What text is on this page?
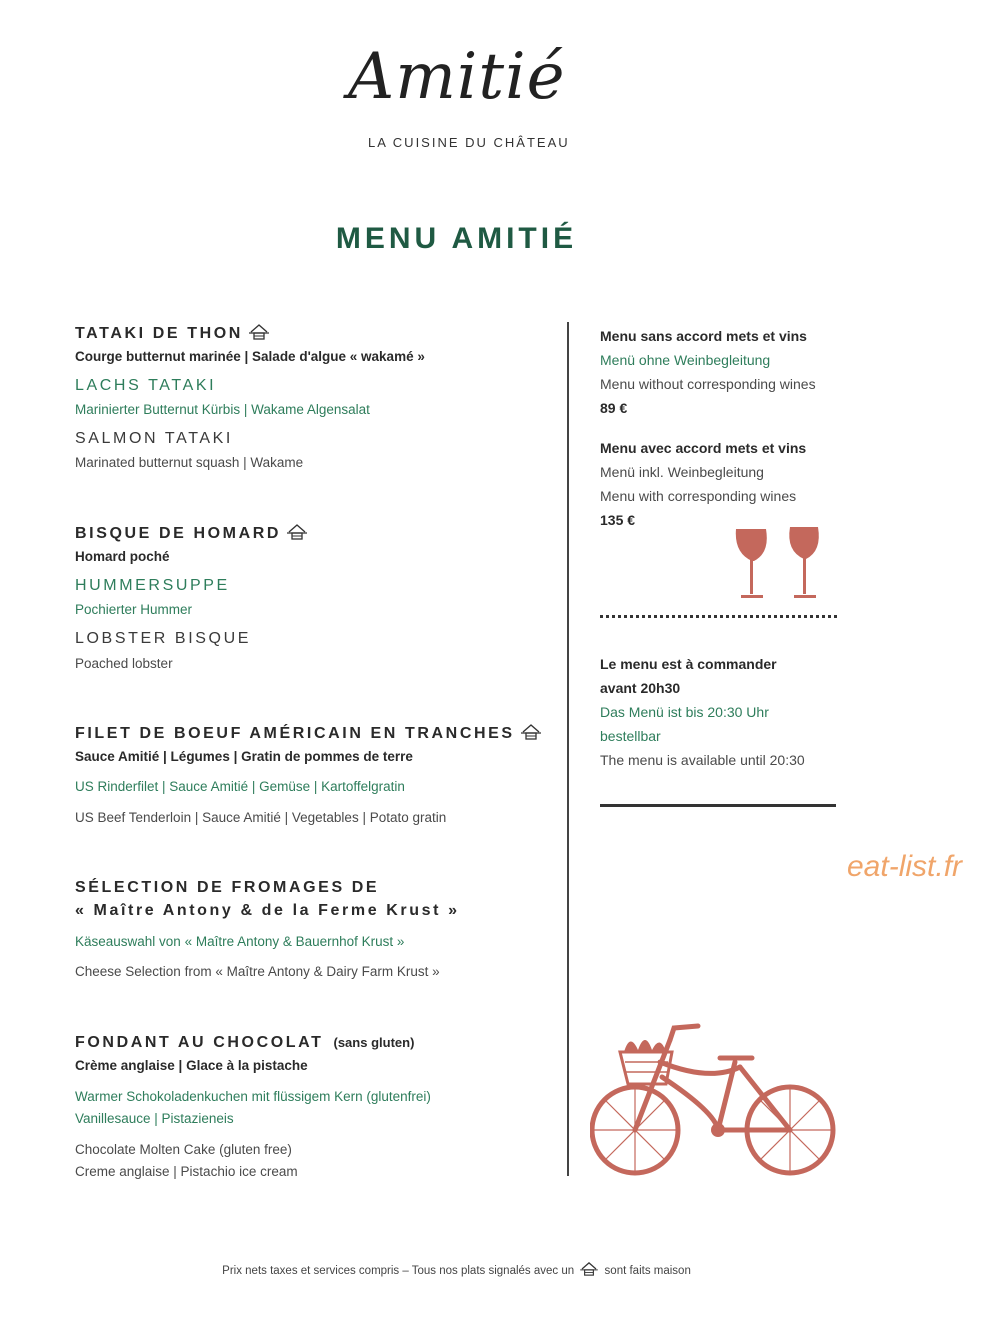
Amitié
LA CUISINE DU CHÂTEAU
MENU AMITIÉ
TATAKI DE THON
Courge butternut marinée | Salade d'algue « wakamé »
LACHS TATAKI
Marinierter Butternut Kürbis | Wakame Algensalat
SALMON TATAKI
Marinated butternut squash | Wakame
BISQUE DE HOMARD
Homard poché
HUMMERSUPPE
Pochierter Hummer
LOBSTER BISQUE
Poached lobster
FILET DE BOEUF AMÉRICAIN EN TRANCHES
Sauce Amitié | Légumes | Gratin de pommes de terre
US Rinderfilet | Sauce Amitié | Gemüse | Kartoffelgratin
US Beef Tenderloin | Sauce Amitié | Vegetables | Potato gratin
SÉLECTION DE FROMAGES DE
« Maître Antony & de la Ferme Krust »
Käseauswahl von « Maître Antony & Bauernhof Krust »
Cheese Selection from « Maître Antony & Dairy Farm Krust »
FONDANT AU CHOCOLAT (sans gluten)
Crème anglaise | Glace à la pistache
Warmer Schokoladenkuchen mit flüssigem Kern (glutenfrei)
Vanillesauce | Pistazieneis
Chocolate Molten Cake (gluten free)
Creme anglaise | Pistachio ice cream
Menu sans accord mets et vins
Menü ohne Weinbegleitung
Menu without corresponding wines
89 €
Menu avec accord mets et vins
Menü inkl. Weinbegleitung
Menu with corresponding wines
135 €
Le menu est à commander
avant 20h30
Das Menü ist bis 20:30 Uhr
bestellbar
The menu is available until 20:30
eat-list.fr
Prix nets taxes et services compris – Tous nos plats signalés avec un	sont faits maison
